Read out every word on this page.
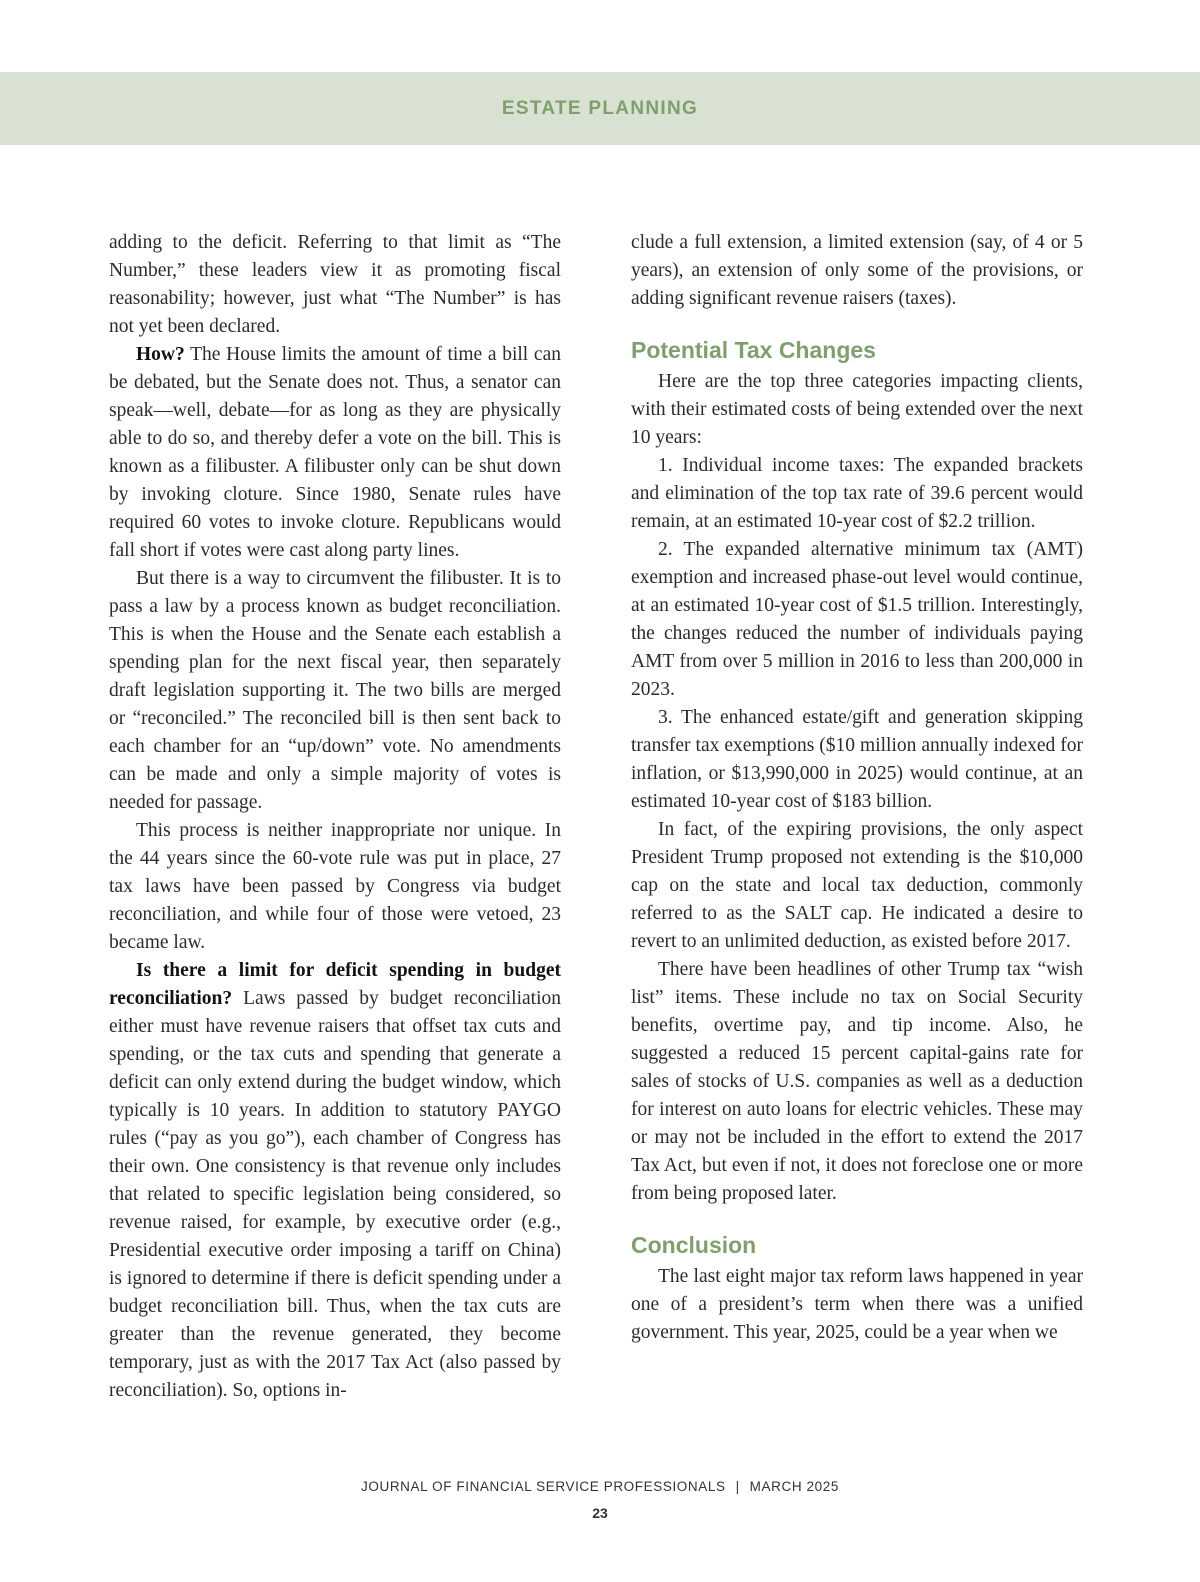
ESTATE PLANNING

adding to the deficit. Referring to that limit as “The Number,” these leaders view it as promoting fiscal reasonability; however, just what “The Number” is has not yet been declared.

How? The House limits the amount of time a bill can be debated, but the Senate does not. Thus, a senator can speak—well, debate—for as long as they are physically able to do so, and thereby defer a vote on the bill. This is known as a filibuster. A filibuster only can be shut down by invoking cloture. Since 1980, Senate rules have required 60 votes to invoke cloture. Republicans would fall short if votes were cast along party lines.

But there is a way to circumvent the filibuster. It is to pass a law by a process known as budget reconciliation. This is when the House and the Senate each establish a spending plan for the next fiscal year, then separately draft legislation supporting it. The two bills are merged or “reconciled.” The reconciled bill is then sent back to each chamber for an “up/down” vote. No amendments can be made and only a simple majority of votes is needed for passage.

This process is neither inappropriate nor unique. In the 44 years since the 60-vote rule was put in place, 27 tax laws have been passed by Congress via budget reconciliation, and while four of those were vetoed, 23 became law.

Is there a limit for deficit spending in budget reconciliation? Laws passed by budget reconciliation either must have revenue raisers that offset tax cuts and spending, or the tax cuts and spending that generate a deficit can only extend during the budget window, which typically is 10 years. In addition to statutory PAYGO rules (“pay as you go”), each chamber of Congress has their own. One consistency is that revenue only includes that related to specific legislation being considered, so revenue raised, for example, by executive order (e.g., Presidential executive order imposing a tariff on China) is ignored to determine if there is deficit spending under a budget reconciliation bill. Thus, when the tax cuts are greater than the revenue generated, they become temporary, just as with the 2017 Tax Act (also passed by reconciliation). So, options in-

clude a full extension, a limited extension (say, of 4 or 5 years), an extension of only some of the provisions, or adding significant revenue raisers (taxes).

Potential Tax Changes

Here are the top three categories impacting clients, with their estimated costs of being extended over the next 10 years:

1. Individual income taxes: The expanded brackets and elimination of the top tax rate of 39.6 percent would remain, at an estimated 10-year cost of $2.2 trillion.

2. The expanded alternative minimum tax (AMT) exemption and increased phase-out level would continue, at an estimated 10-year cost of $1.5 trillion. Interestingly, the changes reduced the number of individuals paying AMT from over 5 million in 2016 to less than 200,000 in 2023.

3. The enhanced estate/gift and generation skipping transfer tax exemptions ($10 million annually indexed for inflation, or $13,990,000 in 2025) would continue, at an estimated 10-year cost of $183 billion.

In fact, of the expiring provisions, the only aspect President Trump proposed not extending is the $10,000 cap on the state and local tax deduction, commonly referred to as the SALT cap. He indicated a desire to revert to an unlimited deduction, as existed before 2017.

There have been headlines of other Trump tax “wish list” items. These include no tax on Social Security benefits, overtime pay, and tip income. Also, he suggested a reduced 15 percent capital-gains rate for sales of stocks of U.S. companies as well as a deduction for interest on auto loans for electric vehicles. These may or may not be included in the effort to extend the 2017 Tax Act, but even if not, it does not foreclose one or more from being proposed later.

Conclusion

The last eight major tax reform laws happened in year one of a president’s term when there was a unified government. This year, 2025, could be a year when we

JOURNAL OF FINANCIAL SERVICE PROFESSIONALS | MARCH 2025
23
